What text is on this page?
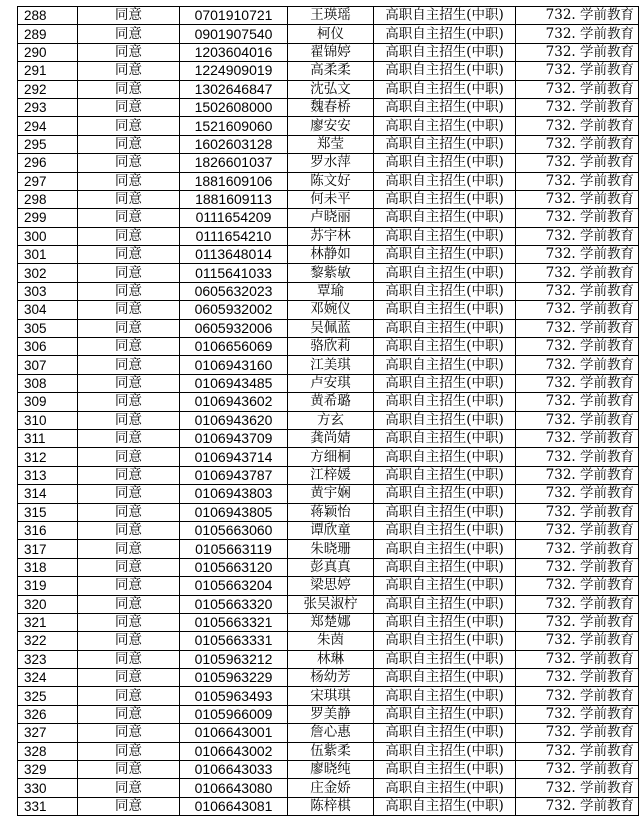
288	同意	0701910721	王瑛瑶	高职自主招生(中职)	732. 学前教育
289	同意	0901907540	柯仪	高职自主招生(中职)	732. 学前教育
290	同意	1203604016	翟锦婷	高职自主招生(中职)	732. 学前教育
291	同意	1224909019	高柔柔	高职自主招生(中职)	732. 学前教育
292	同意	1302646847	沈弘文	高职自主招生(中职)	732. 学前教育
293	同意	1502608000	魏春桥	高职自主招生(中职)	732. 学前教育
294	同意	1521609060	廖安安	高职自主招生(中职)	732. 学前教育
295	同意	1602603128	郑莹	高职自主招生(中职)	732. 学前教育
296	同意	1826601037	罗水萍	高职自主招生(中职)	732. 学前教育
297	同意	1881609106	陈文好	高职自主招生(中职)	732. 学前教育
298	同意	1881609113	何未平	高职自主招生(中职)	732. 学前教育
299	同意	0111654209	卢晓丽	高职自主招生(中职)	732. 学前教育
300	同意	0111654210	苏宇林	高职自主招生(中职)	732. 学前教育
301	同意	0113648014	林静如	高职自主招生(中职)	732. 学前教育
302	同意	0115641033	黎紫敏	高职自主招生(中职)	732. 学前教育
303	同意	0605632023	覃瑜	高职自主招生(中职)	732. 学前教育
304	同意	0605932002	邓婉仪	高职自主招生(中职)	732. 学前教育
305	同意	0605932006	吴佩蓝	高职自主招生(中职)	732. 学前教育
306	同意	0106656069	骆欣莉	高职自主招生(中职)	732. 学前教育
307	同意	0106943160	江美琪	高职自主招生(中职)	732. 学前教育
308	同意	0106943485	卢安琪	高职自主招生(中职)	732. 学前教育
309	同意	0106943602	黄希璐	高职自主招生(中职)	732. 学前教育
310	同意	0106943620	方玄	高职自主招生(中职)	732. 学前教育
311	同意	0106943709	龚尚婧	高职自主招生(中职)	732. 学前教育
312	同意	0106943714	方细桐	高职自主招生(中职)	732. 学前教育
313	同意	0106943787	江梓媛	高职自主招生(中职)	732. 学前教育
314	同意	0106943803	黄宇娴	高职自主招生(中职)	732. 学前教育
315	同意	0106943805	蒋颖怡	高职自主招生(中职)	732. 学前教育
316	同意	0105663060	谭欣童	高职自主招生(中职)	732. 学前教育
317	同意	0105663119	朱晓珊	高职自主招生(中职)	732. 学前教育
318	同意	0105663120	彭真真	高职自主招生(中职)	732. 学前教育
319	同意	0105663204	梁思婷	高职自主招生(中职)	732. 学前教育
320	同意	0105663320	张吴淑柠	高职自主招生(中职)	732. 学前教育
321	同意	0105663321	郑楚娜	高职自主招生(中职)	732. 学前教育
322	同意	0105663331	朱茵	高职自主招生(中职)	732. 学前教育
323	同意	0105963212	林琳	高职自主招生(中职)	732. 学前教育
324	同意	0105963229	杨幼芳	高职自主招生(中职)	732. 学前教育
325	同意	0105963493	宋琪琪	高职自主招生(中职)	732. 学前教育
326	同意	0105966009	罗美静	高职自主招生(中职)	732. 学前教育
327	同意	0106643001	詹心惠	高职自主招生(中职)	732. 学前教育
328	同意	0106643002	伍紫柔	高职自主招生(中职)	732. 学前教育
329	同意	0106643033	廖晓纯	高职自主招生(中职)	732. 学前教育
330	同意	0106643080	庄金娇	高职自主招生(中职)	732. 学前教育
331	同意	0106643081	陈梓棋	高职自主招生(中职)	732. 学前教育
